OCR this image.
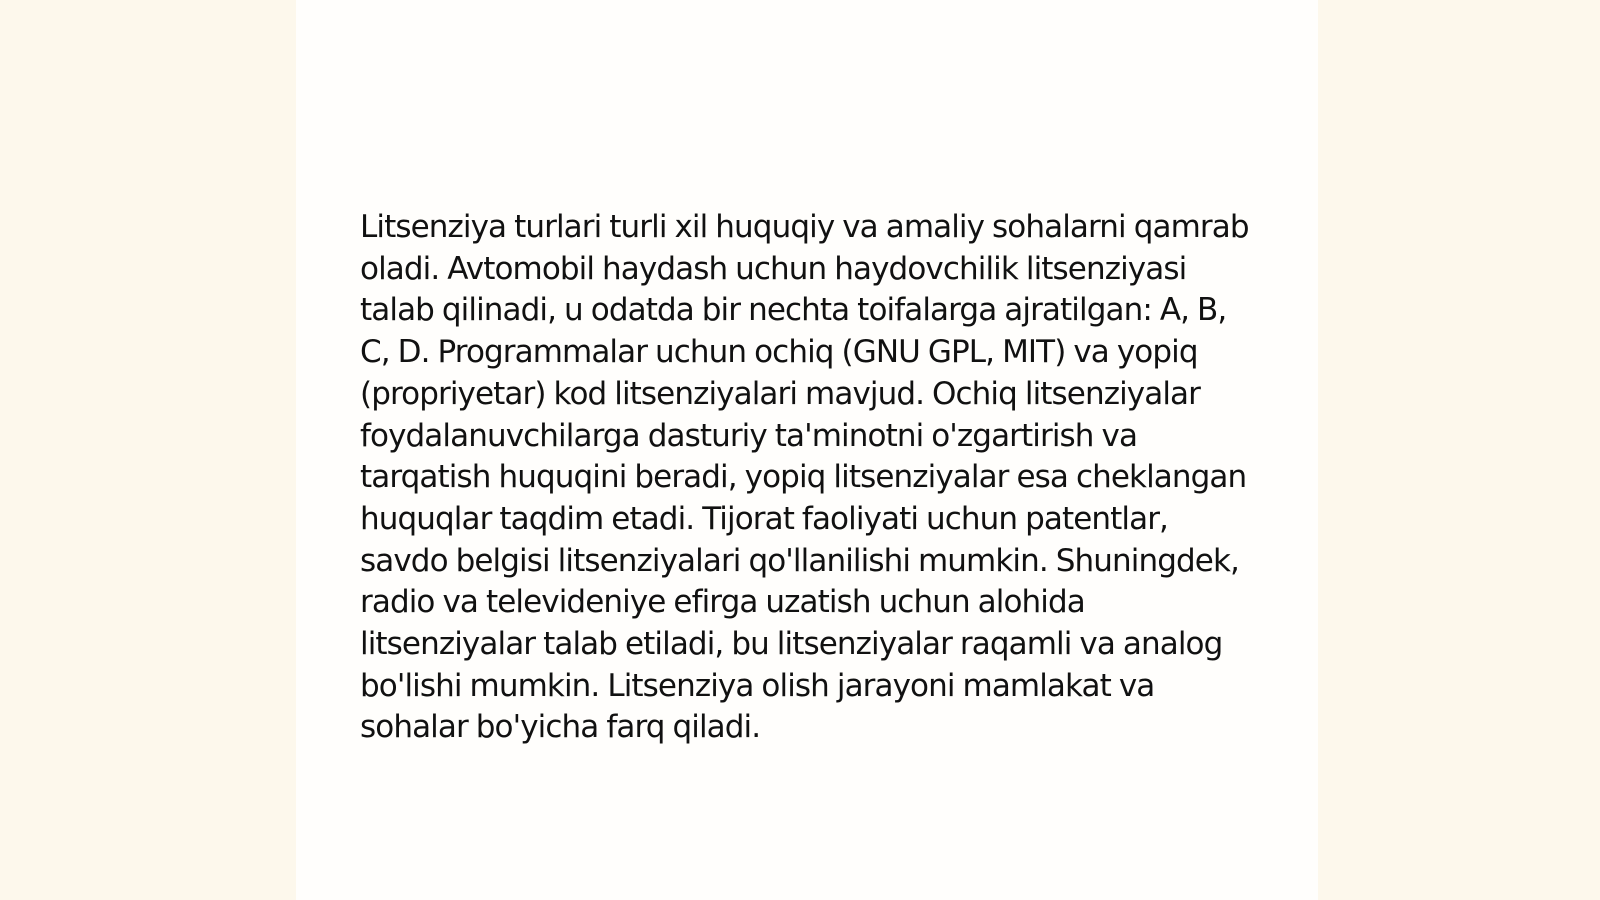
Litsenziya turlari turli xil huquqiy va amaliy sohalarni qamrab oladi. Avtomobil haydash uchun haydovchilik litsenziyasi talab qilinadi, u odatda bir nechta toifalarga ajratilgan: A, B, C, D. Programmalar uchun ochiq (GNU GPL, MIT) va yopiq (propriyetar) kod litsenziyalari mavjud. Ochiq litsenziyalar foydalanuvchilarga dasturiy ta'minotni o'zgartirish va tarqatish huquqini beradi, yopiq litsenziyalar esa cheklangan huquqlar taqdim etadi. Tijorat faoliyati uchun patentlar, savdo belgisi litsenziyalari qo'llanilishi mumkin. Shuningdek, radio va televideniye efirga uzatish uchun alohida litsenziyalar talab etiladi, bu litsenziyalar raqamli va analog bo'lishi mumkin. Litsenziya olish jarayoni mamlakat va sohalar bo'yicha farq qiladi.
